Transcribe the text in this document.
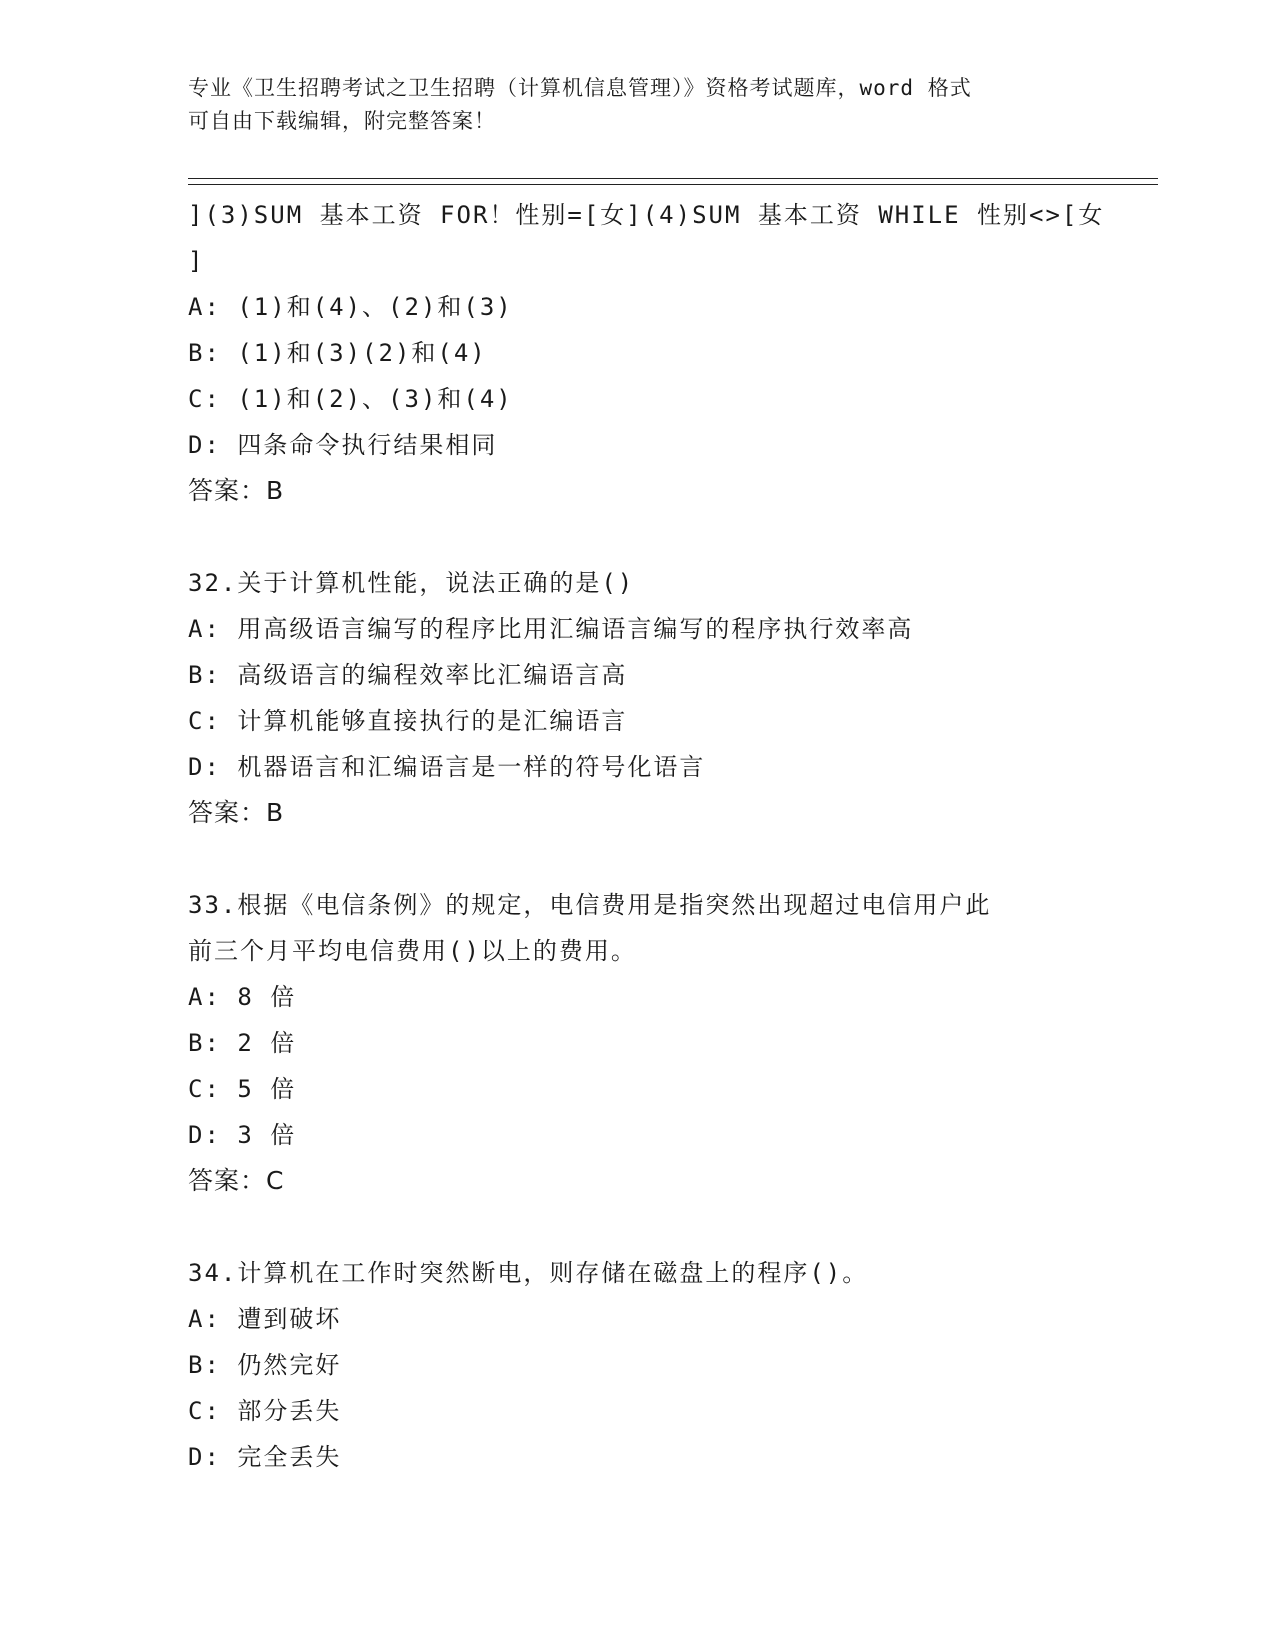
专业《卫生招聘考试之卫生招聘（计算机信息管理）》资格考试题库，word 格式
可自由下载编辑，附完整答案！
](3)SUM 基本工资 FOR！性别=[女](4)SUM 基本工资 WHILE 性别<>[女
]
A: (1)和(4)、(2)和(3)
B: (1)和(3)(2)和(4)
C: (1)和(2)、(3)和(4)
D: 四条命令执行结果相同
答案：B
32.关于计算机性能，说法正确的是()
A: 用高级语言编写的程序比用汇编语言编写的程序执行效率高
B: 高级语言的编程效率比汇编语言高
C: 计算机能够直接执行的是汇编语言
D: 机器语言和汇编语言是一样的符号化语言
答案：B
33.根据《电信条例》的规定，电信费用是指突然出现超过电信用户此
前三个月平均电信费用()以上的费用。
A: 8 倍
B: 2 倍
C: 5 倍
D: 3 倍
答案：C
34.计算机在工作时突然断电，则存储在磁盘上的程序()。
A: 遭到破坏
B: 仍然完好
C: 部分丢失
D: 完全丢失
